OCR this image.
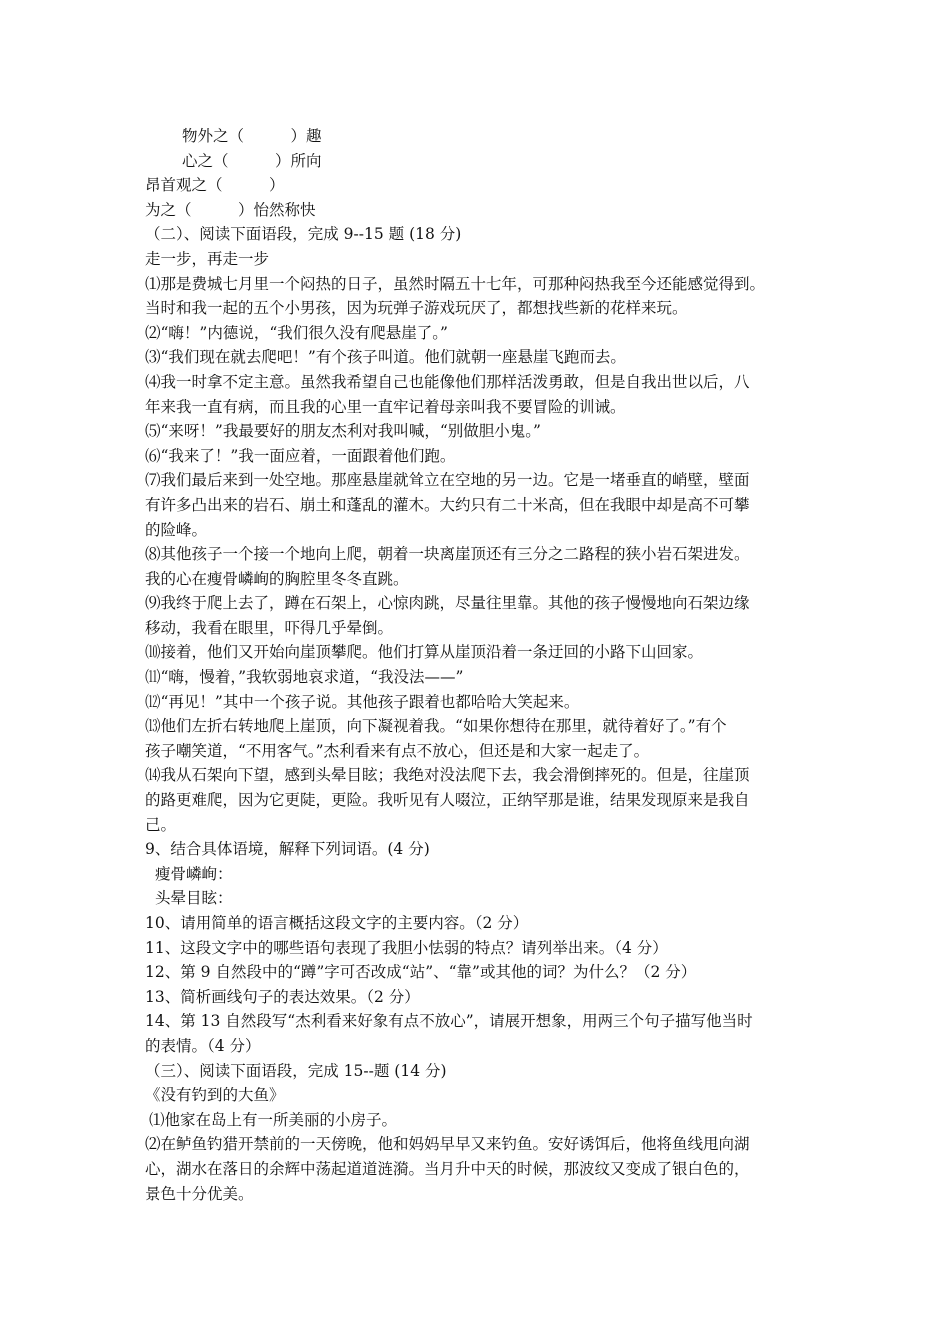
物外之（　　　）趣
心之（　　　）所向
昂首观之（　　　）
为之（　　　）怡然称快
（二）、阅读下面语段，完成 9--15 题 (18 分)
走一步，再走一步
⑴那是费城七月里一个闷热的日子，虽然时隔五十七年，可那种闷热我至今还能感觉得到。
当时和我一起的五个小男孩，因为玩弹子游戏玩厌了，都想找些新的花样来玩。
⑵“嗨！”内德说，“我们很久没有爬悬崖了。”
⑶“我们现在就去爬吧！”有个孩子叫道。他们就朝一座悬崖飞跑而去。
⑷我一时拿不定主意。虽然我希望自己也能像他们那样活泼勇敢，但是自我出世以后，八
年来我一直有病，而且我的心里一直牢记着母亲叫我不要冒险的训诫。
⑸“来呀！”我最要好的朋友杰利对我叫喊，“别做胆小鬼。”
⑹“我来了！”我一面应着，一面跟着他们跑。
⑺我们最后来到一处空地。那座悬崖就耸立在空地的另一边。它是一堵垂直的峭壁，壁面
有许多凸出来的岩石、崩土和蓬乱的灌木。大约只有二十米高，但在我眼中却是高不可攀
的险峰。
⑻其他孩子一个接一个地向上爬，朝着一块离崖顶还有三分之二路程的狭小岩石架进发。
我的心在瘦骨嶙峋的胸腔里冬冬直跳。
⑼我终于爬上去了，蹲在石架上，心惊肉跳，尽量往里靠。其他的孩子慢慢地向石架边缘
移动，我看在眼里，吓得几乎晕倒。
⑽接着，他们又开始向崖顶攀爬。他们打算从崖顶沿着一条迂回的小路下山回家。
⑾“嗨，慢着，”我软弱地哀求道，“我没法——”
⑿“再见！”其中一个孩子说。其他孩子跟着也都哈哈大笑起来。
⒀他们左折右转地爬上崖顶，向下凝视着我。“如果你想待在那里，就待着好了。”有个
孩子嘲笑道，“不用客气。”杰利看来有点不放心，但还是和大家一起走了。
⒁我从石架向下望，感到头晕目眩；我绝对没法爬下去，我会滑倒摔死的。但是，往崖顶
的路更难爬，因为它更陡，更险。我听见有人啜泣，正纳罕那是谁，结果发现原来是我自
己。
9、结合具体语境，解释下列词语。(4 分)
瘦骨嶙峋：
头晕目眩：
10、请用简单的语言概括这段文字的主要内容。（2 分）
11、这段文字中的哪些语句表现了我胆小怯弱的特点？请列举出来。（4 分）
12、第 9 自然段中的“蹲”字可否改成“站”、“靠”或其他的词？为什么？（2 分）
13、简析画线句子的表达效果。（2 分）
14、第 13 自然段写“杰利看来好象有点不放心”，请展开想象，用两三个句子描写他当时
的表情。（4 分）
（三）、阅读下面语段，完成 15--题 (14 分)
《没有钓到的大鱼》
⑴他家在岛上有一所美丽的小房子。
⑵在鲈鱼钓猎开禁前的一天傍晚，他和妈妈早早又来钓鱼。安好诱饵后，他将鱼线甩向湖
心，湖水在落日的余辉中荡起道道涟漪。当月升中天的时候，那波纹又变成了银白色的，
景色十分优美。
